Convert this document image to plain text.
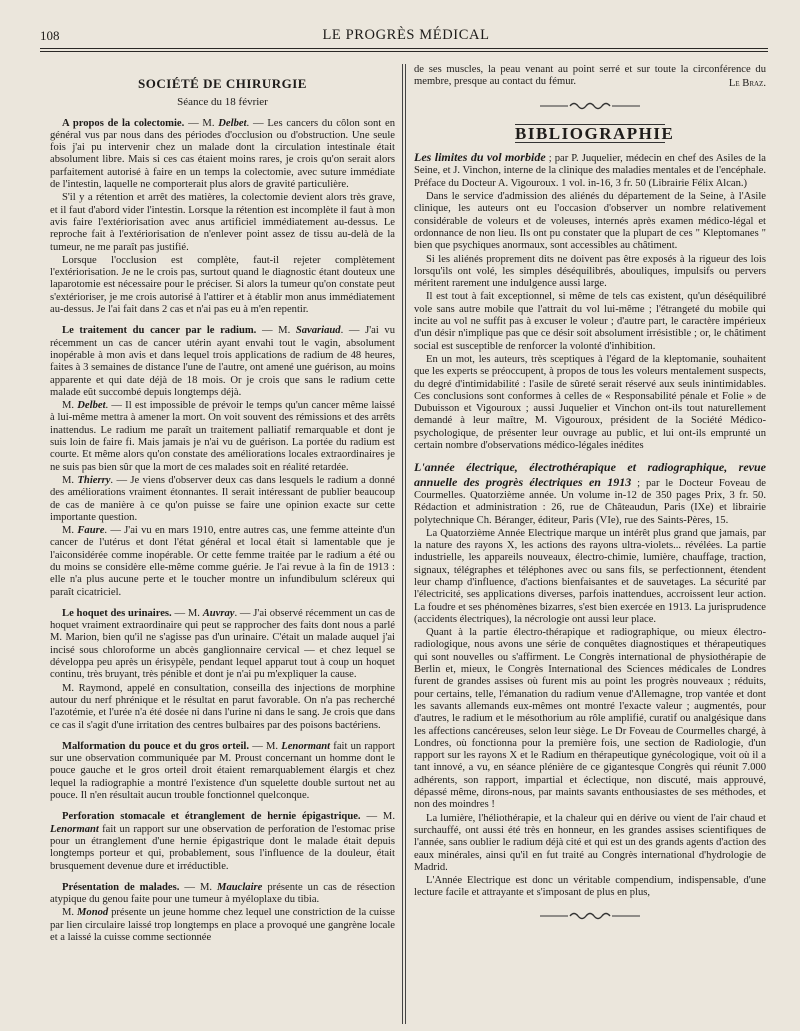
108	LE PROGRÈS MÉDICAL
SOCIÉTÉ DE CHIRURGIE
Séance du 18 février

A propos de la colectomie. — M. Delbet. — Les cancers du côlon sont en général vus par nous dans des périodes d'occlusion ou d'obstruction. Une seule fois j'ai pu intervenir chez un malade dont la circulation intestinale était absolument libre. Mais si ces cas étaient moins rares, je crois qu'on serait alors parfaitement autorisé à faire en un temps la colectomie, avec suture immédiate de l'intestin, laquelle ne comporterait plus alors de gravité particulière.

S'il y a rétention et arrêt des matières, la colectomie devient alors très grave, et il faut d'abord vider l'intestin. Lorsque la rétention est incomplète il faut à mon avis faire l'extériorisation avec anus artificiel immédiatement au-dessus. Le reproche fait à l'extériorisation de n'enlever point assez de tissu au-delà de la tumeur, ne me paraît pas justifié.

Lorsque l'occlusion est complète, faut-il rejeter complètement l'extériorisation. Je ne le crois pas, surtout quand le diagnostic étant douteux une laparotomie est nécessaire pour le préciser. Si alors la tumeur qu'on constate peut s'extérioriser, je me crois autorisé à l'attirer et à établir mon anus immédiatement au-dessus. Je l'ai fait dans 2 cas et n'ai pas eu à m'en repentir.

Le traitement du cancer par le radium. — M. Savariaud. — J'ai vu récemment un cas de cancer utérin ayant envahi tout le vagin, absolument inopérable à mon avis et dans lequel trois applications de radium de 48 heures, faites à 3 semaines de distance l'une de l'autre, ont amené une guérison, au moins apparente et qui date déjà de 18 mois. Or je crois que sans le radium cette malade eût succombé depuis longtemps déjà.

M. Delbet. — Il est impossible de prévoir le temps qu'un cancer même laissé à lui-même mettra à amener la mort. On voit souvent des rémissions et des arrêts inattendus. Le radium me paraît un traitement palliatif remarquable et dont je suis loin de faire fi. Mais jamais je n'ai vu de guérison. La portée du radium est courte. Et même alors qu'on constate des améliorations locales extraordinaires je ne suis pas bien sûr que la mort de ces malades soit en réalité retardée.

M. Thierry. — Je viens d'observer deux cas dans lesquels le radium a donné des améliorations vraiment étonnantes. Il serait intéressant de publier beaucoup de cas de manière à ce qu'on puisse se faire une opinion exacte sur cette importante question.

M. Faure. — J'ai vu en mars 1910, entre autres cas, une femme atteinte d'un cancer de l'utérus et dont l'état général et local était si lamentable que je l'aiconsidérée comme inopérable. Or cette femme traitée par le radium a été ou du moins se considère elle-même comme guérie. Je l'ai revue à la fin de 1913 : elle n'a plus aucune perte et le toucher montre un infundibulum scléreux qui paraît cicatriciel.

Le hoquet des urinaires. — M. Auvray. — J'ai observé récemment un cas de hoquet vraiment extraordinaire qui peut se rapprocher des faits dont nous a parlé M. Marion, bien qu'il ne s'agisse pas d'un urinaire. C'était un malade auquel j'ai incisé sous chloroforme un abcès ganglionnaire cervical — et chez lequel se développa peu après un érisypèle, pendant lequel apparut tout à coup un hoquet continu, très bruyant, très pénible et dont je n'ai pu m'expliquer la cause.

M. Raymond, appelé en consultation, conseilla des injections de morphine autour du nerf phrénique et le résultat en parut favorable. On n'a pas recherché l'azotémie, et l'urée n'a été dosée ni dans l'urine ni dans le sang. Je crois que dans ce cas il s'agit d'une irritation des centres bulbaires par des poisons bactériens.

Malformation du pouce et du gros orteil. — M. Lenormant fait un rapport sur une observation communiquée par M. Proust concernant un homme dont le pouce gauche et le gros orteil droit étaient remarquablement élargis et chez lequel la radiographie a montré l'existence d'un squelette double surtout net au pouce. Il n'en résultait aucun trouble fonctionnel quelconque.

Perforation stomacale et étranglement de hernie épigastrique. — M. Lenormant fait un rapport sur une observation de perforation de l'estomac prise pour un étranglement d'une hernie épigastrique dont le malade était depuis longtemps porteur et qui, probablement, sous l'influence de la douleur, était brusquement devenue dure et irréductible.

Présentation de malades. — M. Mauclaire présente un cas de résection atypique du genou faite pour une tumeur à myéloplaxe du tibia.

M. Monod présente un jeune homme chez lequel une constriction de la cuisse par lien circulaire laissé trop longtemps en place a provoqué une gangrène locale et a laissé la cuisse comme sectionnée

de ses muscles, la peau venant au point serré et sur toute la circonférence du membre, presque au contact du fémur.	Le Braz.
BIBLIOGRAPHIE

Les limites du vol morbide ; par P. Juquelier, médecin en chef des Asiles de la Seine, et J. Vinchon, interne de la clinique des maladies mentales et de l'encéphale. Préface du Docteur A. Vigouroux. 1 vol. in-16, 3 fr. 50 (Librairie Félix Alcan.)

Dans le service d'admission des aliénés du département de la Seine, à l'Asile clinique, les auteurs ont eu l'occasion d'observer un nombre relativement considérable de voleurs et de voleuses, internés après examen médico-légal et ordonnance de non lieu. Ils ont pu constater que la plupart de ces " Kleptomanes " bien que psychiques anormaux, sont accessibles au châtiment.

Si les aliénés proprement dits ne doivent pas être exposés à la rigueur des lois lorsqu'ils ont volé, les simples déséquilibrés, abouliques, impulsifs ou pervers méritent rarement une indulgence aussi large.

Il est tout à fait exceptionnel, si même de tels cas existent, qu'un déséquilibré vole sans autre mobile que l'attrait du vol lui-même ; l'étrangeté du mobile qui incite au vol ne suffit pas à excuser le voleur ; d'autre part, le caractère impérieux d'un désir n'implique pas que ce désir soit absolument irrésistible ; or, le châtiment social est susceptible de renforcer la volonté d'inhibition.

En un mot, les auteurs, très sceptiques à l'égard de la kleptomanie, souhaitent que les experts se préoccupent, à propos de tous les voleurs mentalement suspects, du degré d'intimidabilité : l'asile de sûreté serait réservé aux seuls inintimidables. Ces conclusions sont conformes à celles de « Responsabilité pénale et Folie » de Dubuisson et Vigouroux ; aussi Juquelier et Vinchon ont-ils tout naturellement demandé à leur maître, M. Vigouroux, président de la Société Médico-psychologique, de présenter leur ouvrage au public, et lui ont-ils emprunté un certain nombre d'observations médico-légales inédites

L'année électrique, électrothérapique et radiographique, revue annuelle des progrès électriques en 1913 ; par le Docteur Foveau de Courmelles. Quatorzième année. Un volume in-12 de 350 pages Prix, 3 fr. 50. Rédaction et administration : 26, rue de Châteaudun, Paris (IXe) et librairie polytechnique Ch. Béranger, éditeur, Paris (VIe), rue des Saints-Pères, 15.

La Quatorzième Année Electrique marque un intérêt plus grand que jamais, par la nature des rayons X, les actions des rayons ultra-violets... révélées. La partie industrielle, les appareils nouveaux, électro-chimie, lumière, chauffage, traction, signaux, télégraphes et téléphones avec ou sans fils, se perfectionnent, étendent leur champ d'influence, d'actions bienfaisantes et de sauvetages. La sécurité par l'électricité, ses applications diverses, parfois inattendues, accroissent leur action. La foudre et ses phénomènes bizarres, s'est bien exercée en 1913. La jurisprudence (accidents électriques), la nécrologie ont aussi leur place.

Quant à la partie électro-thérapique et radiographique, ou mieux électro-radiologique, nous avons une série de conquêtes diagnostiques et thérapeutiques qui sont nouvelles ou s'affirment. Le Congrès international de physiothérapie de Berlin et, mieux, le Congrès International des Sciences médicales de Londres furent de grandes assises où furent mis au point les progrès nouveaux ; réduits, pour certains, telle, l'émanation du radium venue d'Allemagne, trop vantée et dont les savants allemands eux-mêmes ont montré l'exacte valeur ; augmentés, pour d'autres, le radium et le mésothorium au rôle amplifié, curatif ou analgésique dans les affections cancéreuses, selon leur siège. Le Dr Foveau de Courmelles chargé, à Londres, où fonctionna pour la première fois, une section de Radiologie, d'un rapport sur les rayons X et le Radium en thérapeutique gynécologique, voit où il a tant innové, a vu, en séance plénière de ce gigantesque Congrès qui réunit 7.000 adhérents, son rapport, impartial et éclectique, non discuté, mais approuvé, dépassé même, dirons-nous, par maints savants enthousiastes de ses méthodes, et non des moindres !

La lumière, l'héliothérapie, et la chaleur qui en dérive ou vient de l'air chaud et surchauffé, ont aussi été très en honneur, en les grandes assises scientifiques de l'année, sans oublier le radium déjà cité et qui est un des grands agents d'action des eaux minérales, ainsi qu'il en fut traité au Congrès international d'hydrologie de Madrid.

L'Année Electrique est donc un véritable compendium, indispensable, d'une lecture facile et attrayante et s'imposant de plus en plus,
